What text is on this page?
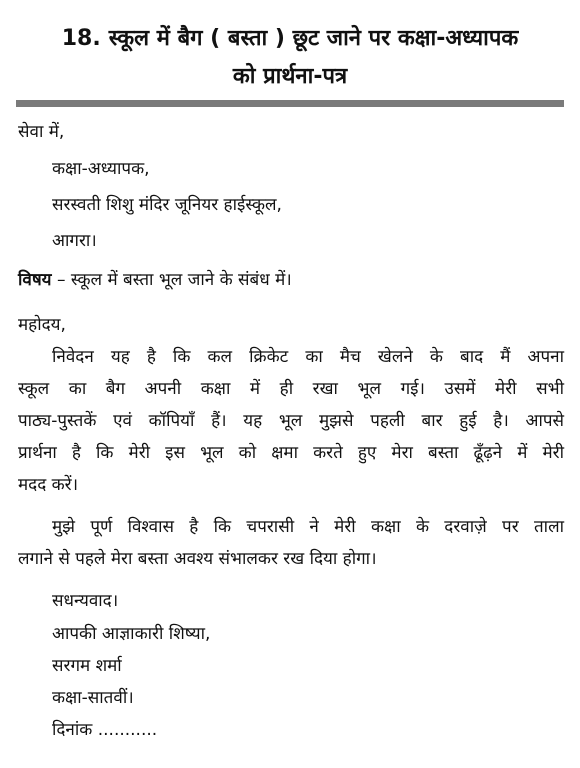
18. स्कूल में बैग ( बस्ता ) छूट जाने पर कक्षा-अध्यापक
को प्रार्थना-पत्र

सेवा में,

कक्षा-अध्यापक,

सरस्वती शिशु मंदिर जूनियर हाईस्कूल,

आगरा।

विषय – स्कूल में बस्ता भूल जाने के संबंध में।

महोदय,

निवेदन यह है कि कल क्रिकेट का मैच खेलने के बाद मैं अपना

स्कूल का बैग अपनी कक्षा में ही रखा भूल गई। उसमें मेरी सभी

पाठ्य-पुस्तकें एवं कॉपियाँ हैं। यह भूल मुझसे पहली बार हुई है। आपसे

प्रार्थना है कि मेरी इस भूल को क्षमा करते हुए मेरा बस्ता ढूँढ़ने में मेरी

मदद करें।

मुझे पूर्ण विश्वास है कि चपरासी ने मेरी कक्षा के दरवाज़े पर ताला

लगाने से पहले मेरा बस्ता अवश्य संभालकर रख दिया होगा।

सधन्यवाद।

आपकी आज्ञाकारी शिष्या,

सरगम शर्मा

कक्षा-सातवीं।

दिनांक ...........
